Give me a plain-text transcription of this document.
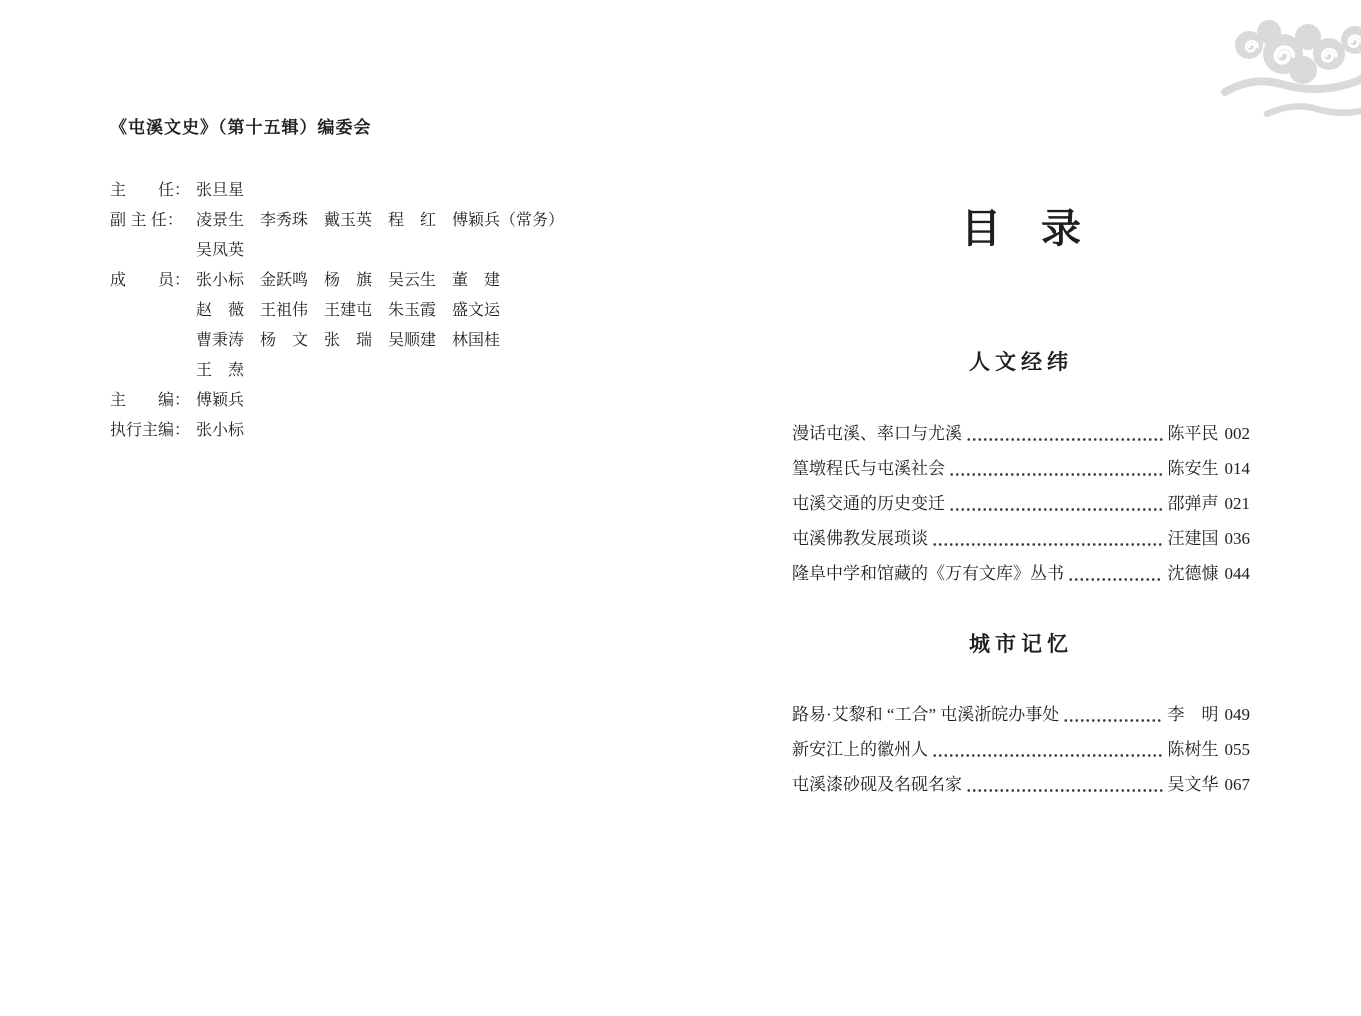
《屯溪文史》（第十五辑）编委会
主　　任： 张旦星
副 主 任： 凌景生　李秀珠　戴玉英　程　红　傅颖兵（常务）
吴凤英
成　　员： 张小标　金跃鸣　杨　旗　吴云生　董　建
赵　薇　王祖伟　王建屯　朱玉霞　盛文运
曹秉涛　杨　文　张　瑞　吴顺建　林国桂
王　焘
主　　编： 傅颖兵
执行主编： 张小标
目　录
人文经纬
漫话屯溪、率口与尤溪	陈平民 002
篁墩程氏与屯溪社会	陈安生 014
屯溪交通的历史变迁	邵弹声 021
屯溪佛教发展琐谈	汪建国 036
隆阜中学和馆藏的《万有文库》丛书	沈德慷 044
城市记忆
路易·艾黎和 “工合” 屯溪浙皖办事处	李　明 049
新安江上的徽州人	陈树生 055
屯溪漆砂砚及名砚名家	吴文华 067
